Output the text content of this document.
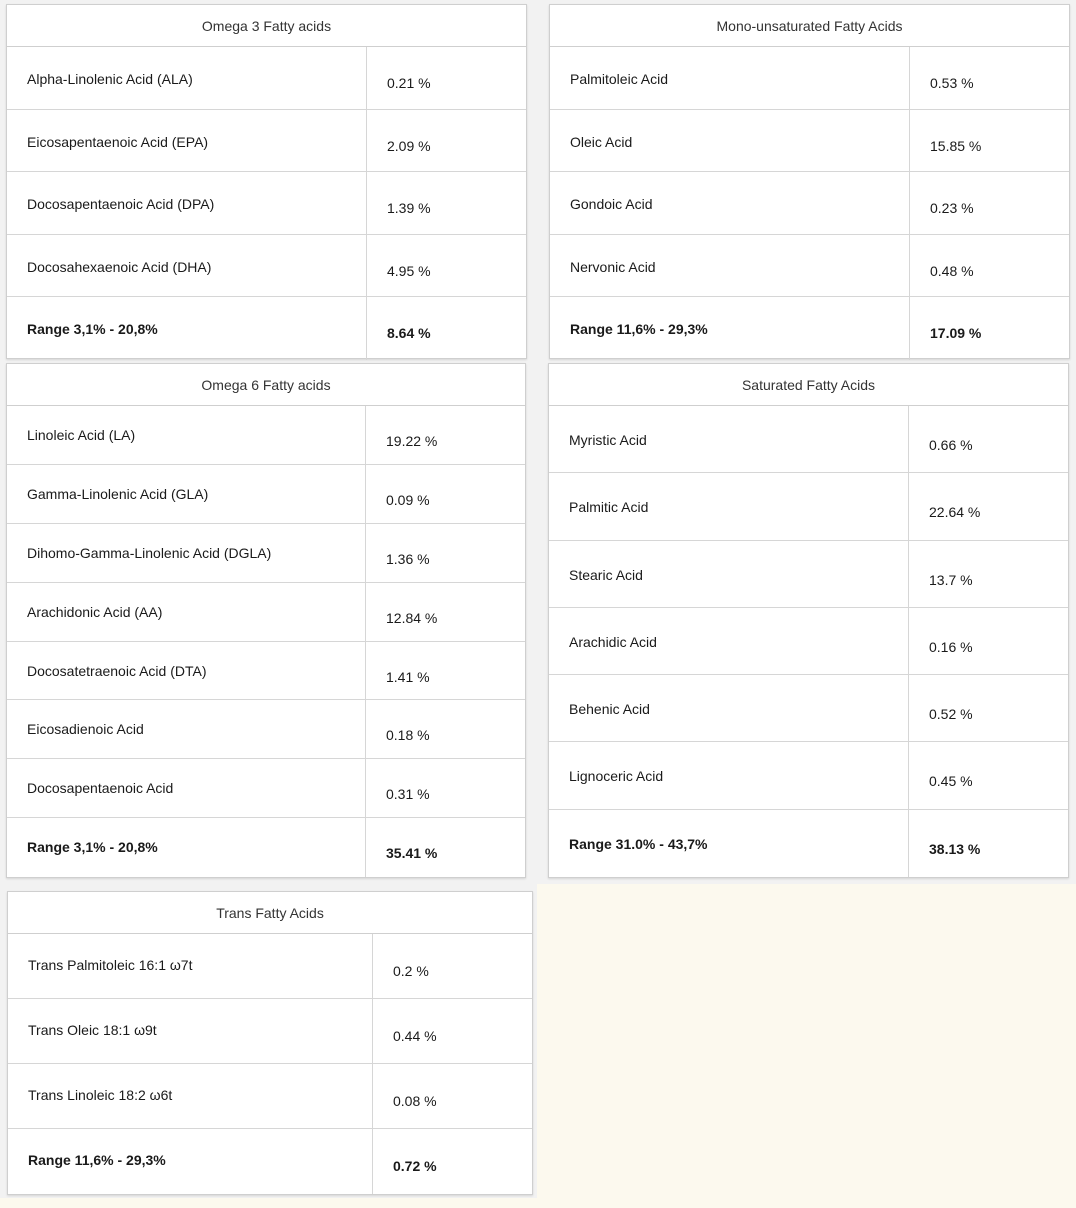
Omega 3 Fatty acids
Alpha-Linolenic Acid (ALA)	0.21 %
Eicosapentaenoic Acid (EPA)	2.09 %
Docosapentaenoic Acid (DPA)	1.39 %
Docosahexaenoic Acid (DHA)	4.95 %
Range 3,1% - 20,8%	8.64 %
Mono-unsaturated Fatty Acids
Palmitoleic Acid	0.53 %
Oleic Acid	15.85 %
Gondoic Acid	0.23 %
Nervonic Acid	0.48 %
Range 11,6% - 29,3%	17.09 %
Omega 6 Fatty acids
Linoleic Acid (LA)	19.22 %
Gamma-Linolenic Acid (GLA)	0.09 %
Dihomo-Gamma-Linolenic Acid (DGLA)	1.36 %
Arachidonic Acid (AA)	12.84 %
Docosatetraenoic Acid (DTA)	1.41 %
Eicosadienoic Acid	0.18 %
Docosapentaenoic Acid	0.31 %
Range 3,1% - 20,8%	35.41 %
Saturated Fatty Acids
Myristic Acid	0.66 %
Palmitic Acid	22.64 %
Stearic Acid	13.7 %
Arachidic Acid	0.16 %
Behenic Acid	0.52 %
Lignoceric Acid	0.45 %
Range 31.0% - 43,7%	38.13 %
Trans Fatty Acids
Trans Palmitoleic 16:1 ω7t	0.2 %
Trans Oleic 18:1 ω9t	0.44 %
Trans Linoleic 18:2 ω6t	0.08 %
Range 11,6% - 29,3%	0.72 %
